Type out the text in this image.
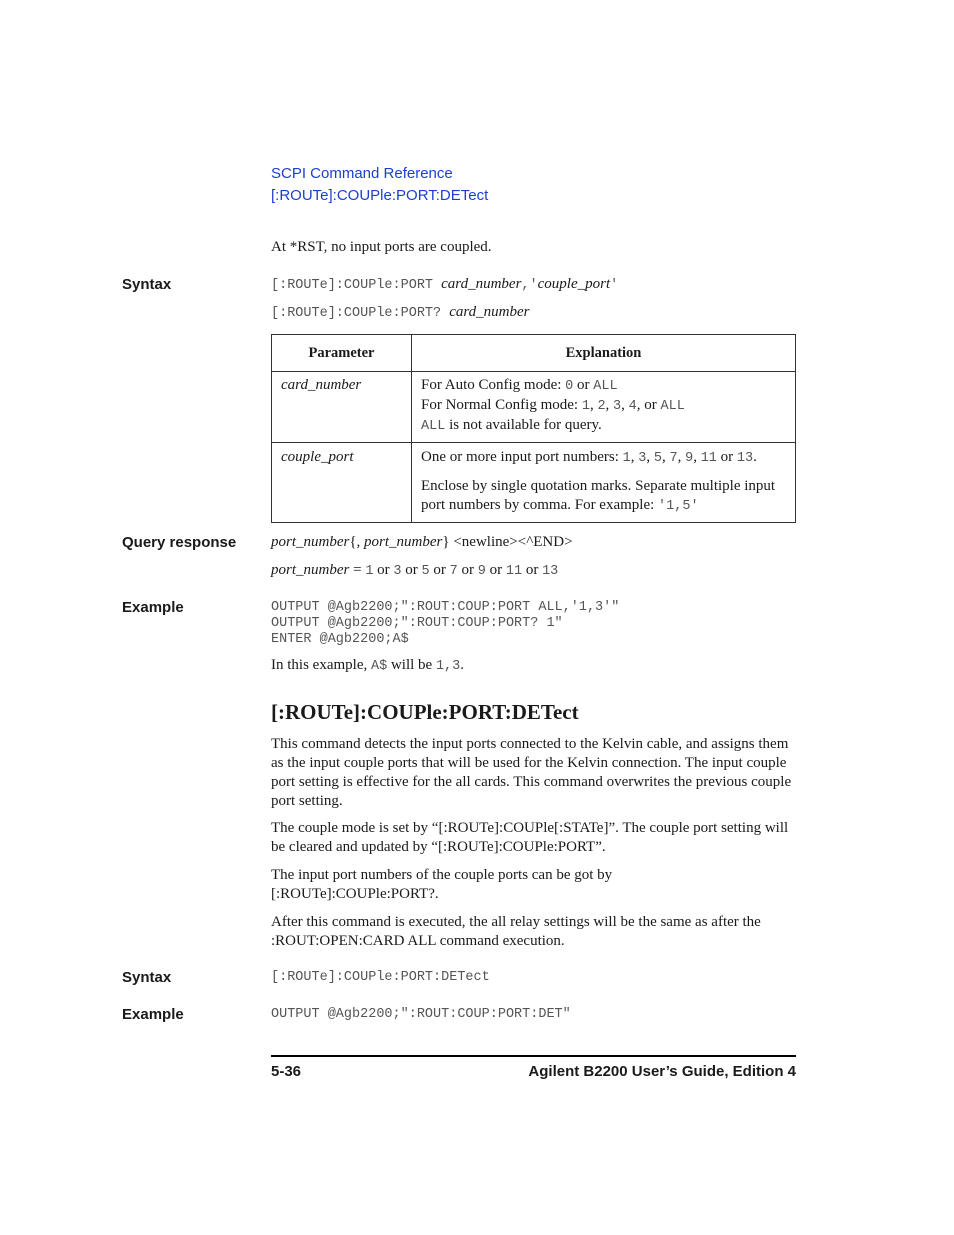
SCPI Command Reference
[:ROUTe]:COUPle:PORT:DETect
At *RST, no input ports are coupled.
Syntax	[:ROUTe]:COUPle:PORT card_number,'couple_port'
[:ROUTe]:COUPle:PORT? card_number
Parameter	Explanation

card_number	For Auto Config mode: 0 or ALL
For Normal Config mode: 1, 2, 3, 4, or ALL
ALL is not available for query.

couple_port	One or more input port numbers: 1, 3, 5, 7, 9, 11 or 13.
Enclose by single quotation marks. Separate multiple input port numbers by comma. For example: '1,5'
Query response port_number{, port_number} <newline><^END>
port_number = 1 or 3 or 5 or 7 or 9 or 11 or 13
Example	OUTPUT @Agb2200;":ROUT:COUP:PORT ALL,'1,3'"
OUTPUT @Agb2200;":ROUT:COUP:PORT? 1"
ENTER @Agb2200;A$
In this example, A$ will be 1,3.
[:ROUTe]:COUPle:PORT:DETect
This command detects the input ports connected to the Kelvin cable, and assigns them as the input couple ports that will be used for the Kelvin connection. The input couple port setting is effective for the all cards. This command overwrites the previous couple port setting.
The couple mode is set by “[:ROUTe]:COUPle[:STATe]”. The couple port setting will be cleared and updated by “[:ROUTe]:COUPle:PORT”.
The input port numbers of the couple ports can be got by [:ROUTe]:COUPle:PORT?.
After this command is executed, the all relay settings will be the same as after the :ROUT:OPEN:CARD ALL command execution.
Syntax	[:ROUTe]:COUPle:PORT:DETect
Example	OUTPUT @Agb2200;":ROUT:COUP:PORT:DET"
5-36	Agilent B2200 User’s Guide, Edition 4
